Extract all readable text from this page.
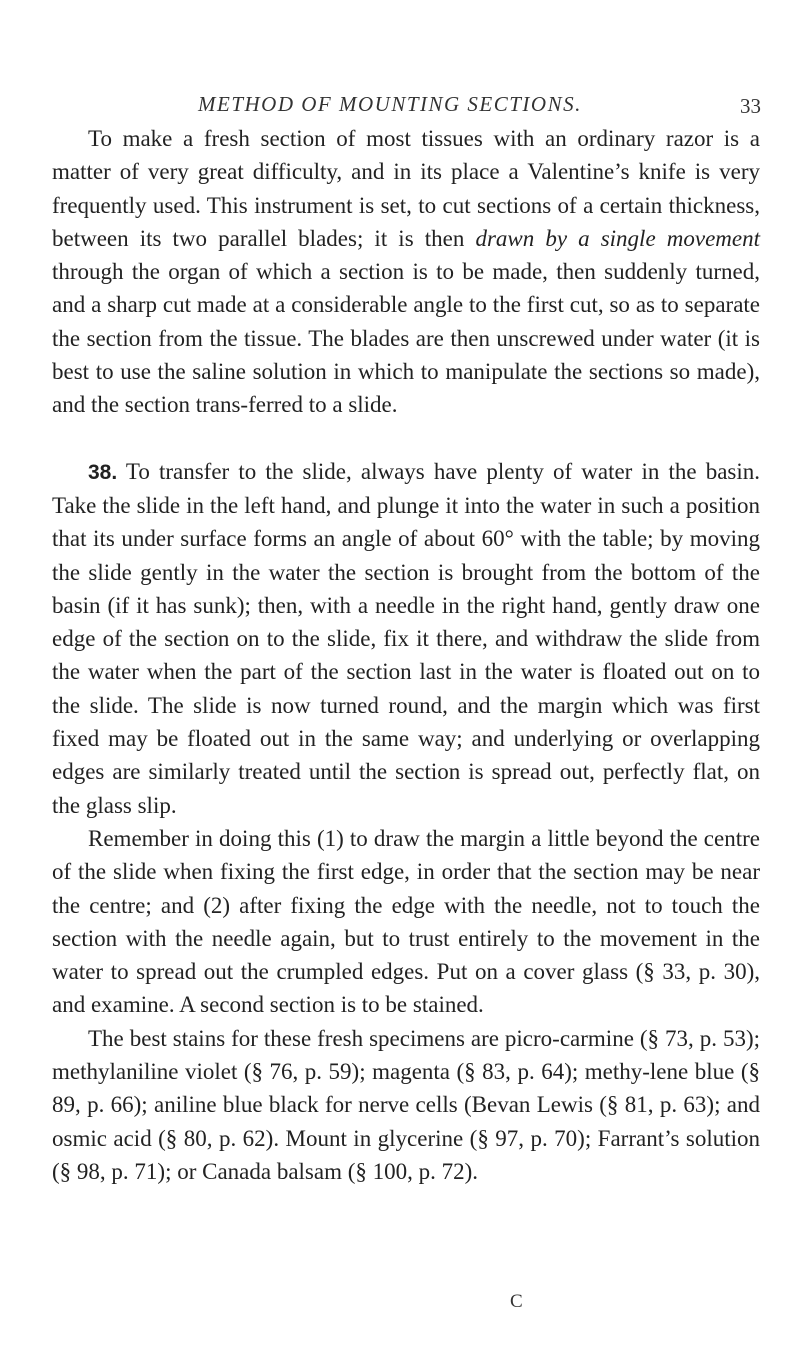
METHOD OF MOUNTING SECTIONS.	33

To make a fresh section of most tissues with an ordinary razor is a matter of very great difficulty, and in its place a Valentine’s knife is very frequently used. This instrument is set, to cut sections of a certain thickness, between its two parallel blades; it is then drawn by a single movement through the organ of which a section is to be made, then suddenly turned, and a sharp cut made at a considerable angle to the first cut, so as to separate the section from the tissue. The blades are then unscrewed under water (it is best to use the saline solution in which to manipulate the sections so made), and the section trans-ferred to a slide.

38. To transfer to the slide, always have plenty of water in the basin. Take the slide in the left hand, and plunge it into the water in such a position that its under surface forms an angle of about 60° with the table; by moving the slide gently in the water the section is brought from the bottom of the basin (if it has sunk); then, with a needle in the right hand, gently draw one edge of the section on to the slide, fix it there, and withdraw the slide from the water when the part of the section last in the water is floated out on to the slide. The slide is now turned round, and the margin which was first fixed may be floated out in the same way; and underlying or overlapping edges are similarly treated until the section is spread out, perfectly flat, on the glass slip.

Remember in doing this (1) to draw the margin a little beyond the centre of the slide when fixing the first edge, in order that the section may be near the centre; and (2) after fixing the edge with the needle, not to touch the section with the needle again, but to trust entirely to the movement in the water to spread out the crumpled edges. Put on a cover glass (§ 33, p. 30), and examine. A second section is to be stained.

The best stains for these fresh specimens are picro-carmine (§ 73, p. 53); methylaniline violet (§ 76, p. 59); magenta (§ 83, p. 64); methy-lene blue (§ 89, p. 66); aniline blue black for nerve cells (Bevan Lewis (§ 81, p. 63); and osmic acid (§ 80, p. 62). Mount in glycerine (§ 97, p. 70); Farrant’s solution (§ 98, p. 71); or Canada balsam (§ 100, p. 72).

C
